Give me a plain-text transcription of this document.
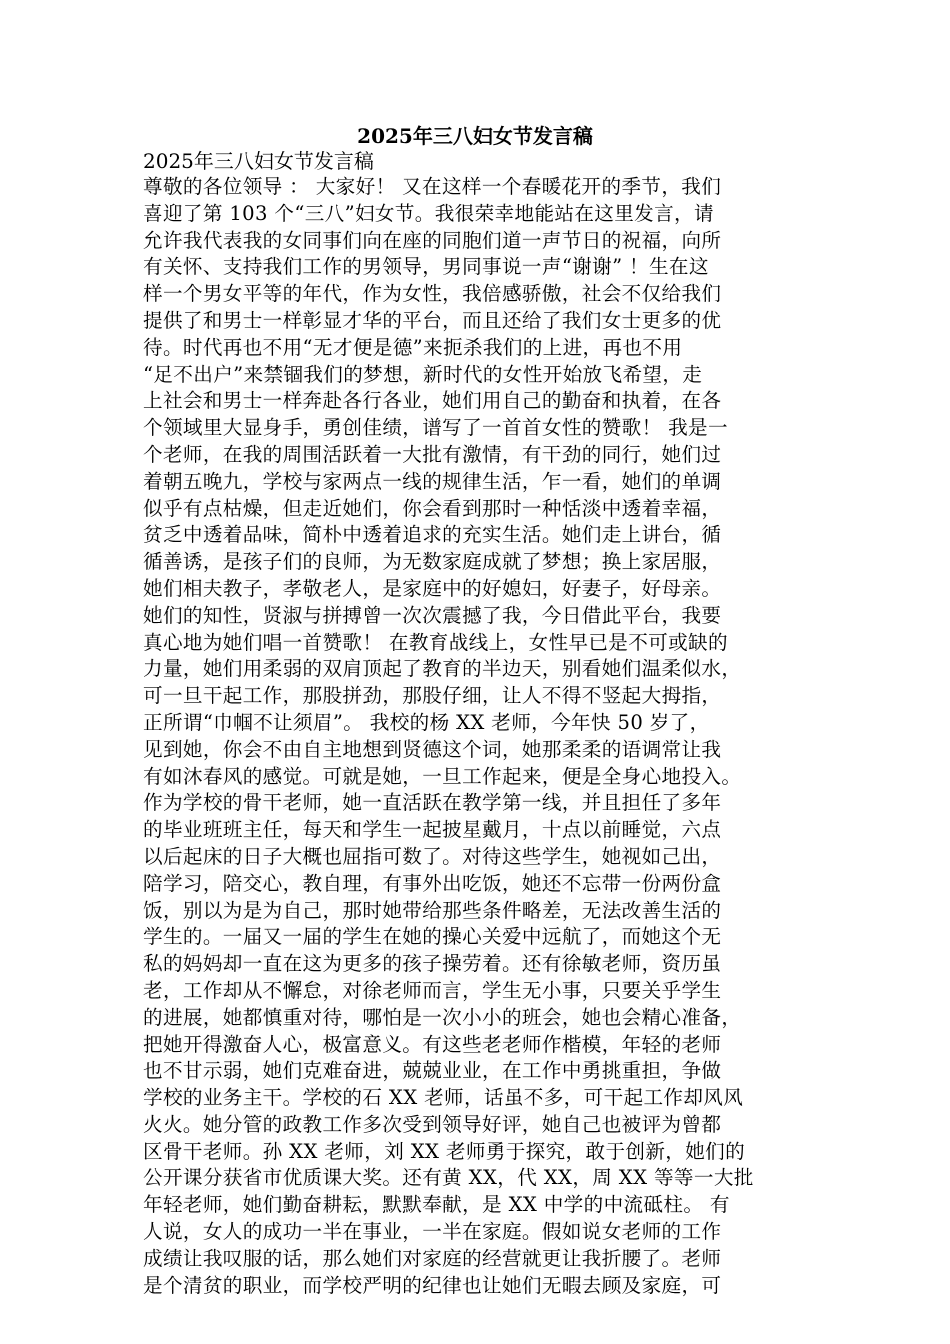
2025年三八妇女节发言稿
2025年三八妇女节发言稿
尊敬的各位领导 ： 大家好！ 又在这样一个春暖花开的季节，我们
喜迎了第 103 个“三八”妇女节。我很荣幸地能站在这里发言，请
允许我代表我的女同事们向在座的同胞们道一声节日的祝福，向所
有关怀、支持我们工作的男领导，男同事说一声“谢谢” ！生在这
样一个男女平等的年代，作为女性，我倍感骄傲，社会不仅给我们
提供了和男士一样彰显才华的平台，而且还给了我们女士更多的优
待。时代再也不用“无才便是德”来扼杀我们的上进，再也不用
“足不出户”来禁锢我们的梦想，新时代的女性开始放飞希望，走
上社会和男士一样奔赴各行各业，她们用自己的勤奋和执着，在各
个领域里大显身手，勇创佳绩，谱写了一首首女性的赞歌！ 我是一
个老师，在我的周围活跃着一大批有激情，有干劲的同行，她们过
着朝五晚九，学校与家两点一线的规律生活，乍一看，她们的单调
似乎有点枯燥，但走近她们，你会看到那时一种恬淡中透着幸福，
贫乏中透着品味，简朴中透着追求的充实生活。她们走上讲台，循
循善诱，是孩子们的良师，为无数家庭成就了梦想；换上家居服，
她们相夫教子，孝敬老人，是家庭中的好媳妇，好妻子，好母亲。
她们的知性，贤淑与拼搏曾一次次震撼了我，今日借此平台，我要
真心地为她们唱一首赞歌！ 在教育战线上，女性早已是不可或缺的
力量，她们用柔弱的双肩顶起了教育的半边天，别看她们温柔似水，
可一旦干起工作，那股拼劲，那股仔细，让人不得不竖起大拇指，
正所谓“巾帼不让须眉”。 我校的杨 XX 老师，今年快 50 岁了，
见到她，你会不由自主地想到贤德这个词，她那柔柔的语调常让我
有如沐春风的感觉。可就是她，一旦工作起来，便是全身心地投入。
作为学校的骨干老师，她一直活跃在教学第一线，并且担任了多年
的毕业班班主任，每天和学生一起披星戴月，十点以前睡觉，六点
以后起床的日子大概也屈指可数了。对待这些学生，她视如己出，
陪学习，陪交心，教自理，有事外出吃饭，她还不忘带一份两份盒
饭，别以为是为自己，那时她带给那些条件略差，无法改善生活的
学生的。一届又一届的学生在她的操心关爱中远航了，而她这个无
私的妈妈却一直在这为更多的孩子操劳着。还有徐敏老师，资历虽
老，工作却从不懈怠，对徐老师而言，学生无小事，只要关乎学生
的进展，她都慎重对待，哪怕是一次小小的班会，她也会精心准备，
把她开得激奋人心，极富意义。有这些老老师作楷模，年轻的老师
也不甘示弱，她们克难奋进，兢兢业业，在工作中勇挑重担，争做
学校的业务主干。学校的石 XX 老师，话虽不多，可干起工作却风风
火火。她分管的政教工作多次受到领导好评，她自己也被评为曾都
区骨干老师。孙 XX 老师，刘 XX 老师勇于探究，敢于创新，她们的
公开课分获省市优质课大奖。还有黄 XX，代 XX，周 XX 等等一大批
年轻老师，她们勤奋耕耘，默默奉献，是 XX 中学的中流砥柱。 有
人说，女人的成功一半在事业，一半在家庭。假如说女老师的工作
成绩让我叹服的话，那么她们对家庭的经营就更让我折腰了。老师
是个清贫的职业，而学校严明的纪律也让她们无暇去顾及家庭，可
